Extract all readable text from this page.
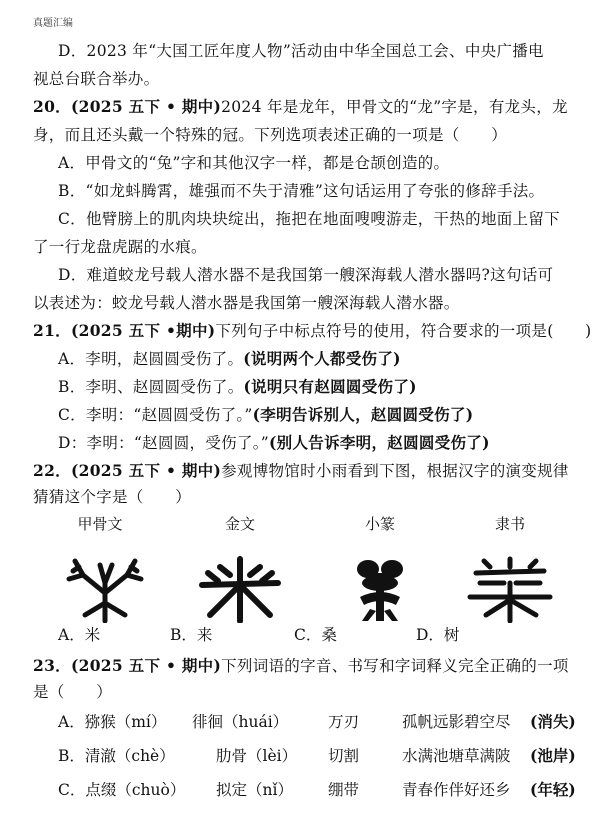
真题汇编
D．2023 年“大国工匠年度人物”活动由中华全国总工会、中央广播电
视总台联合举办。
20．(2025 五下 • 期中)2024 年是龙年，甲骨文的“龙”字是，有龙头，龙
身，而且还头戴一个特殊的冠。下列选项表述正确的一项是（　　）
A．甲骨文的“兔”字和其他汉字一样，都是仓颉创造的。
B．“如龙蚪腾霄，雄强而不失于清雅”这句话运用了夸张的修辞手法。
C．他臂膀上的肌肉块块绽出，拖把在地面嗖嗖游走，干热的地面上留下
了一行龙盘虎踞的水痕。
D．难道蛟龙号载人潜水器不是我国第一艘深海载人潜水器吗?这句话可
以表述为：蛟龙号载人潜水器是我国第一艘深海载人潜水器。
21．(2025 五下 •期中)下列句子中标点符号的使用，符合要求的一项是(　　)
A．李明，赵圆圆受伤了。(说明两个人都受伤了)
B．李明、赵圆圆受伤了。(说明只有赵圆圆受伤了)
C．李明：“赵圆圆受伤了。”(李明告诉别人，赵圆圆受伤了)
D：李明：“赵圆圆，受伤了。”(别人告诉李明，赵圆圆受伤了)
22．(2025 五下 • 期中)参观博物馆时小雨看到下图，根据汉字的演变规律
猜猜这个字是（　　）
甲骨文	金文	小篆	隶书
A．米	B．来	C．桑	D．树
23．(2025 五下 • 期中)下列词语的字音、书写和字词释义完全正确的一项
是（　　）
A．猕猴（mí） 徘徊（huái）	万刃	孤帆远影碧空尽 (消失)
B．清澈（chè）	肋骨（lèi） 切割	水满池塘草满陂 (池岸)
C．点缀（chuò） 拟定（nǐ） 绷带	青春作伴好还乡 (年轻)
